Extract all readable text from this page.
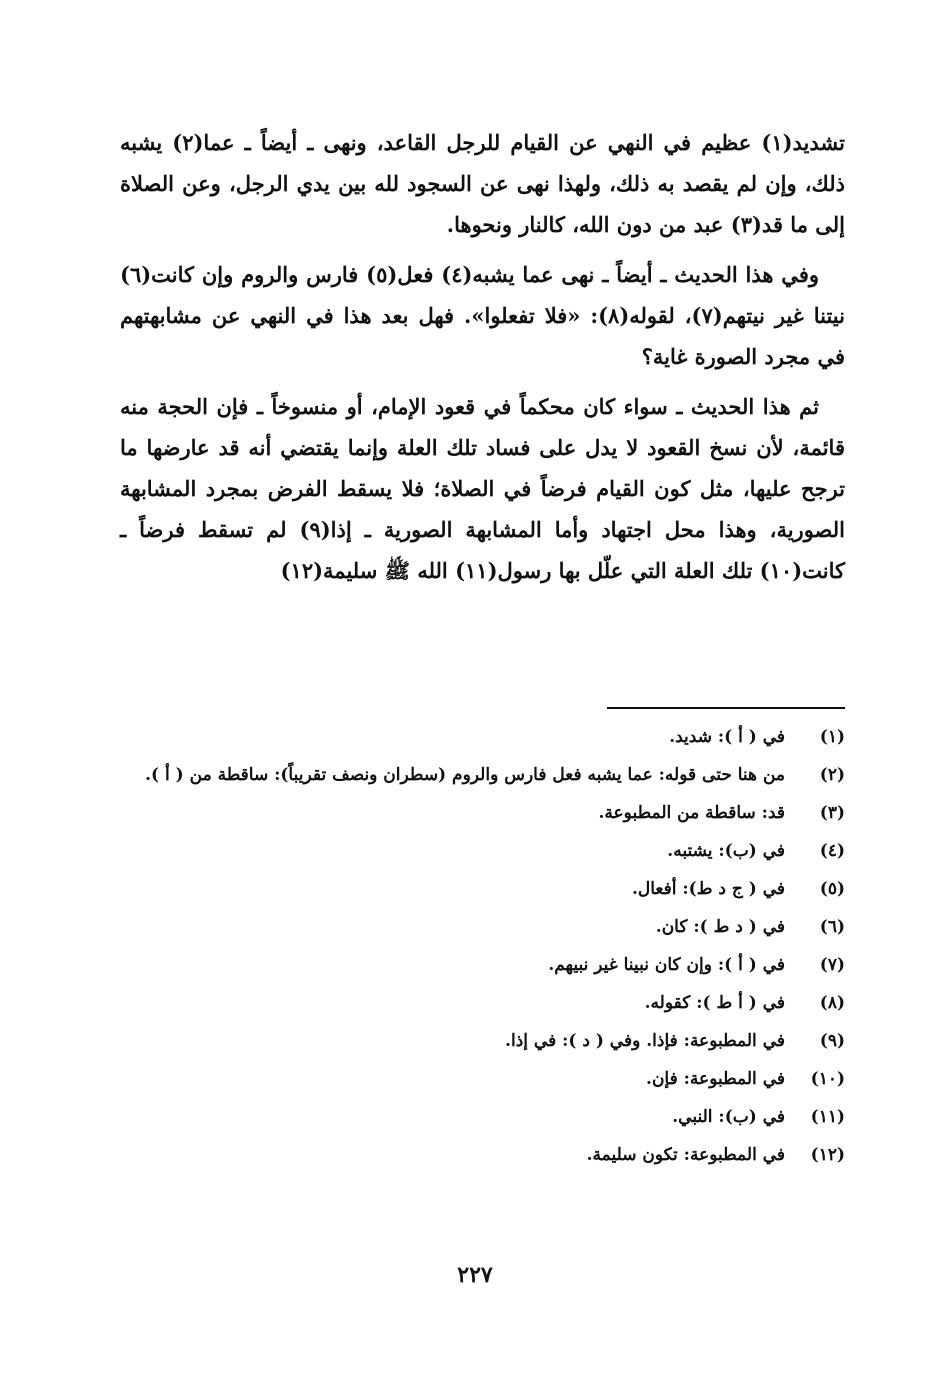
تشديد(١) عظيم في النهي عن القيام للرجل القاعد، ونهى ـ أيضاً ـ عما(٢) يشبه ذلك، وإن لم يقصد به ذلك، ولهذا نهى عن السجود لله بين يدي الرجل، وعن الصلاة إلى ما قد(٣) عبد من دون الله، كالنار ونحوها.

وفي هذا الحديث ـ أيضاً ـ نهى عما يشبه(٤) فعل(٥) فارس والروم وإن كانت(٦) نيتنا غير نيتهم(٧)، لقوله(٨): «فلا تفعلوا». فهل بعد هذا في النهي عن مشابهتهم في مجرد الصورة غاية؟

ثم هذا الحديث ـ سواء كان محكماً في قعود الإمام، أو منسوخاً ـ فإن الحجة منه قائمة، لأن نسخ القعود لا يدل على فساد تلك العلة وإنما يقتضي أنه قد عارضها ما ترجح عليها، مثل كون القيام فرضاً في الصلاة؛ فلا يسقط الفرض بمجرد المشابهة الصورية، وهذا محل اجتهاد وأما المشابهة الصورية ـ إذا(٩) لم تسقط فرضاً ـ كانت(١٠) تلك العلة التي علّل بها رسول(١١) الله ﷺ سليمة(١٢)

(١)
في ( أ ): شديد.
(٢)
من هنا حتى قوله: عما يشبه فعل فارس والروم (سطران ونصف تقريباً): ساقطة من ( أ ).
(٣)
قد: ساقطة من المطبوعة.
(٤)
في (ب): يشتبه.
(٥)
في ( ج د ط): أفعال.
(٦)
في ( د ط ): كان.
(٧)
في ( أ ): وإن كان نبينا غير نبيهم.
(٨)
في ( أ ط ): كقوله.
(٩)
في المطبوعة: فإذا. وفي ( د ): في إذا.
(١٠)
في المطبوعة: فإن.
(١١)
في (ب): النبي.
(١٢)
في المطبوعة: تكون سليمة.
٢٢٧
